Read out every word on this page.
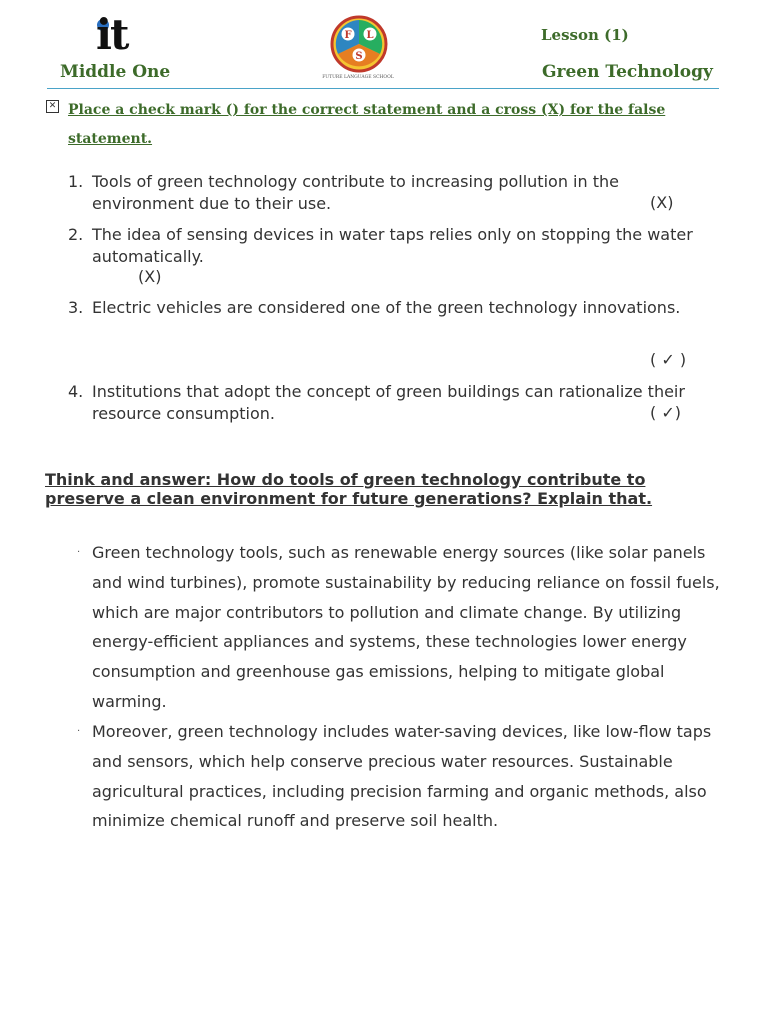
it
Middle One
F L
S
FUTURE LANGUAGE SCHOOL
Lesson (1)
Green Technology
✕ Place a check mark () for the correct statement and a cross (X) for the false statement.

1. Tools of green technology contribute to increasing pollution in the environment due to their use.	(X)
2. The idea of sensing devices in water taps relies only on stopping the water automatically.
(X)
3. Electric vehicles are considered one of the green technology innovations.
( ✓ )
4. Institutions that adopt the concept of green buildings can rationalize their resource consumption.	( ✓)

Think and answer: How do tools of green technology contribute to preserve a clean environment for future generations? Explain that.

· Green technology tools, such as renewable energy sources (like solar panels and wind turbines), promote sustainability by reducing reliance on fossil fuels, which are major contributors to pollution and climate change. By utilizing energy-efficient appliances and systems, these technologies lower energy consumption and greenhouse gas emissions, helping to mitigate global warming.

· Moreover, green technology includes water-saving devices, like low-flow taps and sensors, which help conserve precious water resources. Sustainable agricultural practices, including precision farming and organic methods, also minimize chemical runoff and preserve soil health.
